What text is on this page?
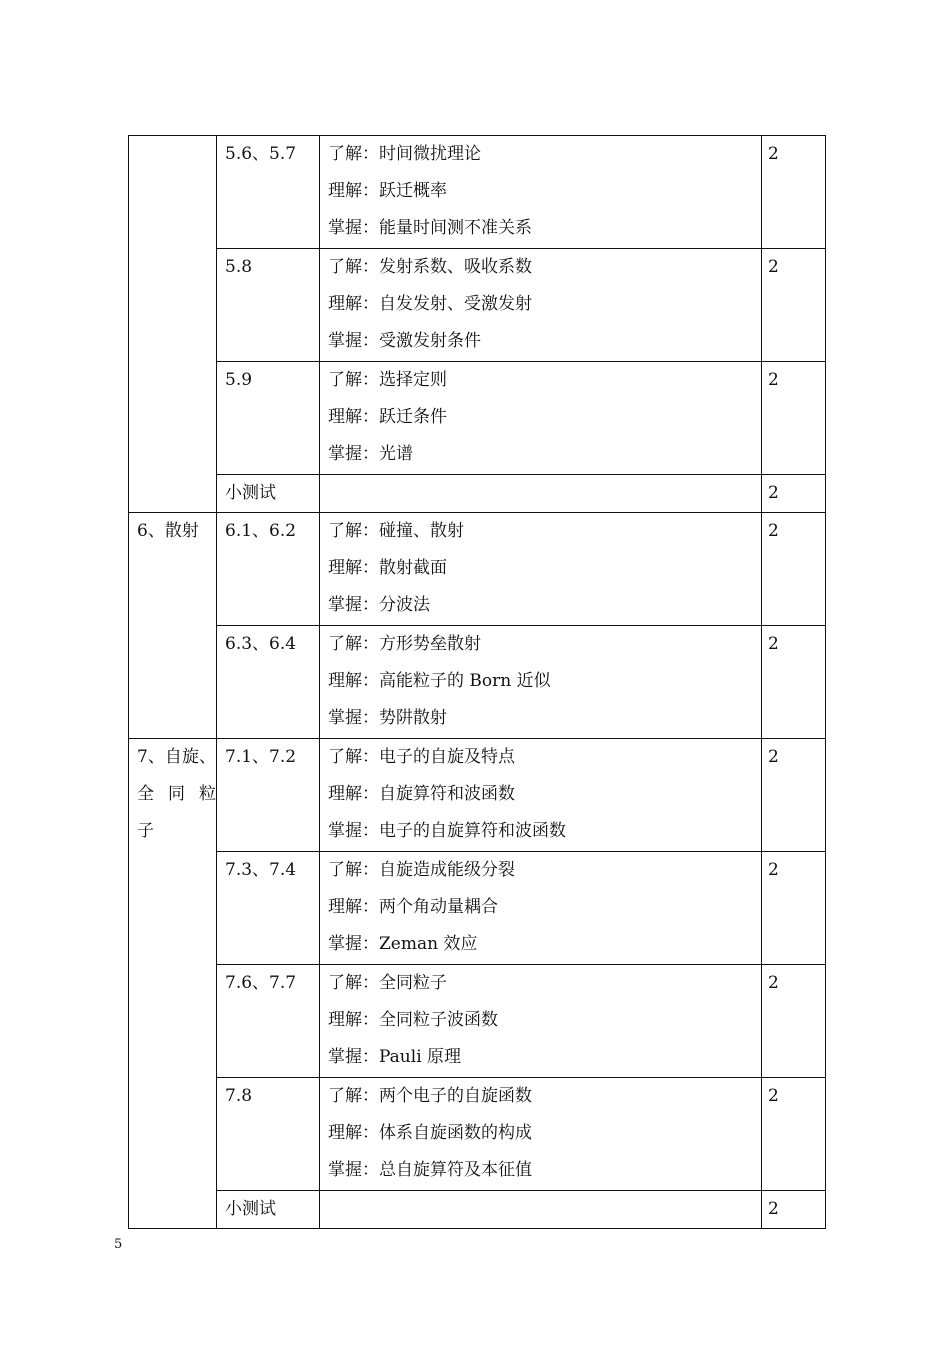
	5.6、5.7	了解：时间微扰理论
理解：跃迁概率
掌握：能量时间测不准关系	2

	5.8	了解：发射系数、吸收系数
理解：自发发射、受激发射
掌握：受激发射条件	2

	5.9	了解：选择定则
理解：跃迁条件
掌握：光谱	2

	小测试		2

6、散射	6.1、6.2	了解：碰撞、散射
理解：散射截面
掌握：分波法	2

	6.3、6.4	了解：方形势垒散射
理解：高能粒子的 Born 近似
掌握：势阱散射	2

7、自旋、
全 同 粒
子	7.1、7.2	了解：电子的自旋及特点
理解：自旋算符和波函数
掌握：电子的自旋算符和波函数	2

	7.3、7.4	了解：自旋造成能级分裂
理解：两个角动量耦合
掌握：Zeman 效应	2

	7.6、7.7	了解：全同粒子
理解：全同粒子波函数
掌握：Pauli 原理	2

	7.8	了解：两个电子的自旋函数
理解：体系自旋函数的构成
掌握：总自旋算符及本征值	2

	小测试		2
5
